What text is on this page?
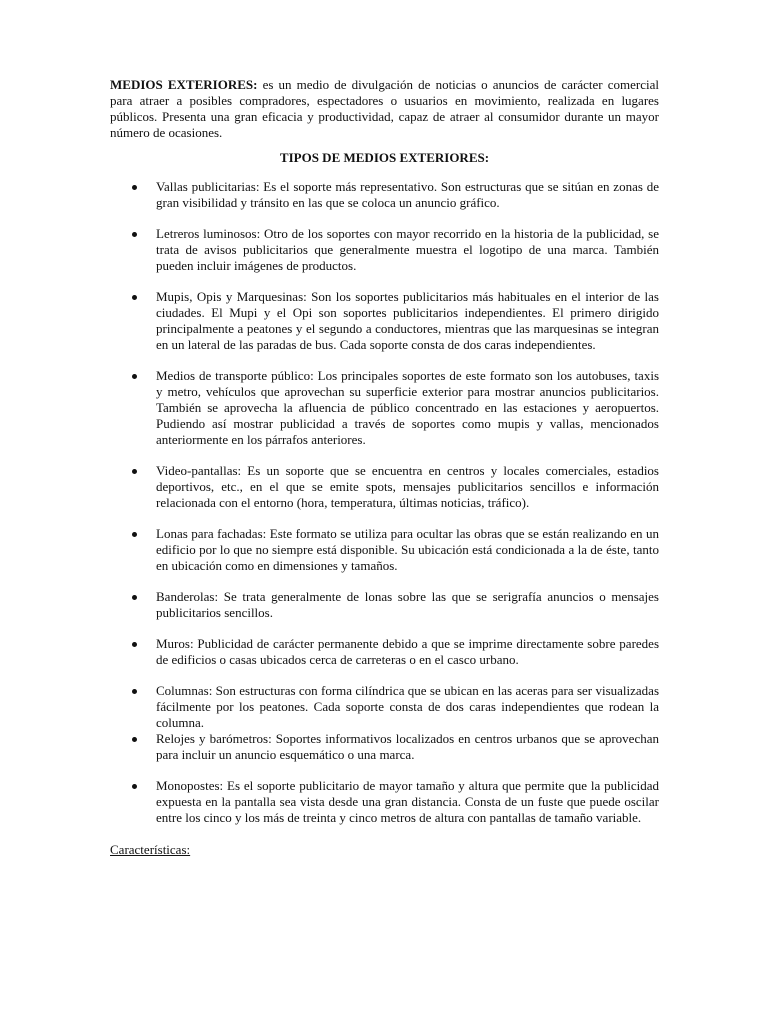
MEDIOS EXTERIORES: es un medio de divulgación de noticias o anuncios de carácter comercial para atraer a posibles compradores, espectadores o usuarios en movimiento, realizada en lugares públicos. Presenta una gran eficacia y productividad, capaz de atraer al consumidor durante un mayor número de ocasiones.

TIPOS DE MEDIOS EXTERIORES:
Vallas publicitarias: Es el soporte más representativo. Son estructuras que se sitúan en zonas de gran visibilidad y tránsito en las que se coloca un anuncio gráfico.
Letreros luminosos: Otro de los soportes con mayor recorrido en la historia de la publicidad, se trata de avisos publicitarios que generalmente muestra el logotipo de una marca. También pueden incluir imágenes de productos.
Mupis, Opis y Marquesinas: Son los soportes publicitarios más habituales en el interior de las ciudades. El Mupi y el Opi son soportes publicitarios independientes. El primero dirigido principalmente a peatones y el segundo a conductores, mientras que las marquesinas se integran en un lateral de las paradas de bus. Cada soporte consta de dos caras independientes.
Medios de transporte público: Los principales soportes de este formato son los autobuses, taxis y metro, vehículos que aprovechan su superficie exterior para mostrar anuncios publicitarios. También se aprovecha la afluencia de público concentrado en las estaciones y aeropuertos. Pudiendo así mostrar publicidad a través de soportes como mupis y vallas, mencionados anteriormente en los párrafos anteriores.
Video-pantallas: Es un soporte que se encuentra en centros y locales comerciales, estadios deportivos, etc., en el que se emite spots, mensajes publicitarios sencillos e información relacionada con el entorno (hora, temperatura, últimas noticias, tráfico).
Lonas para fachadas: Este formato se utiliza para ocultar las obras que se están realizando en un edificio por lo que no siempre está disponible. Su ubicación está condicionada a la de éste, tanto en ubicación como en dimensiones y tamaños.
Banderolas: Se trata generalmente de lonas sobre las que se serigrafía anuncios o mensajes publicitarios sencillos.
Muros: Publicidad de carácter permanente debido a que se imprime directamente sobre paredes de edificios o casas ubicados cerca de carreteras o en el casco urbano.
Columnas: Son estructuras con forma cilíndrica que se ubican en las aceras para ser visualizadas fácilmente por los peatones. Cada soporte consta de dos caras independientes que rodean la columna.
Relojes y barómetros: Soportes informativos localizados en centros urbanos que se aprovechan para incluir un anuncio esquemático o una marca.
Monopostes: Es el soporte publicitario de mayor tamaño y altura que permite que la publicidad expuesta en la pantalla sea vista desde una gran distancia. Consta de un fuste que puede oscilar entre los cinco y los más de treinta y cinco metros de altura con pantallas de tamaño variable.

Características:
